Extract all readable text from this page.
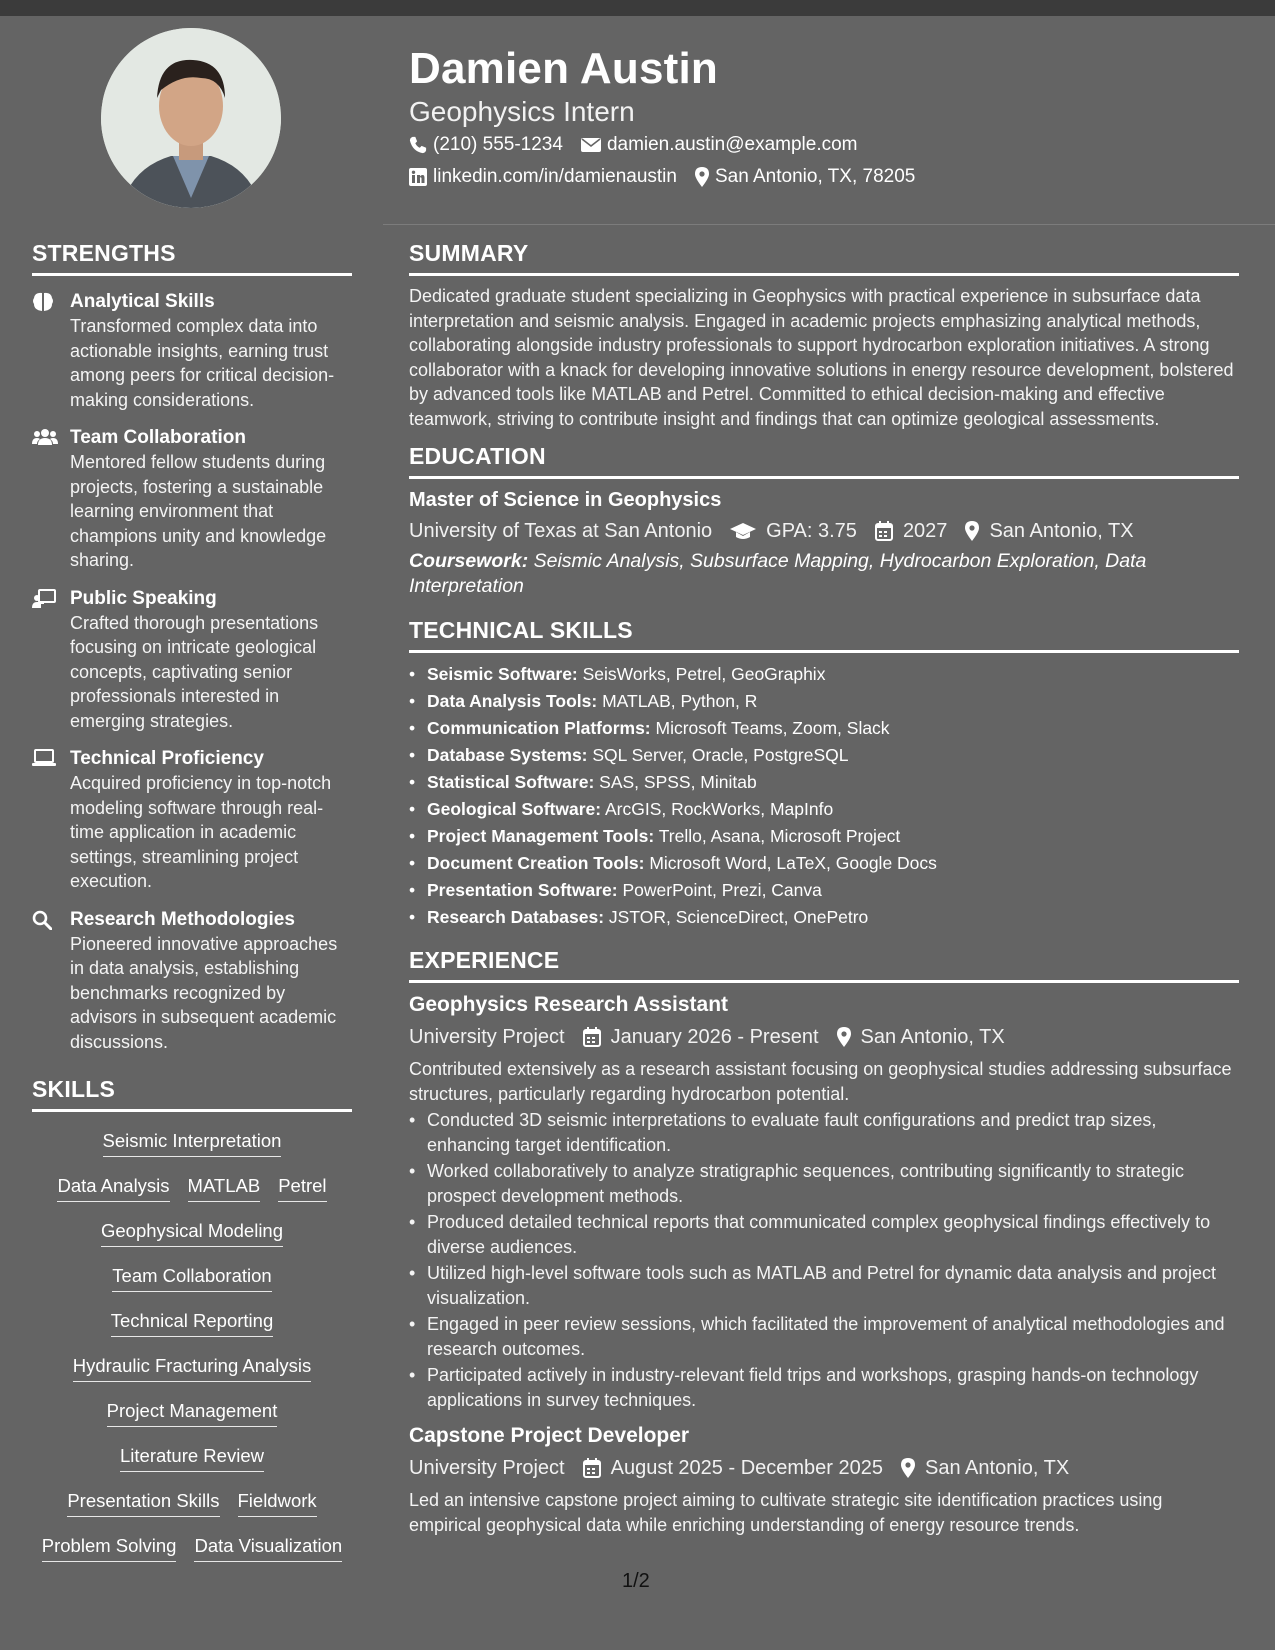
Damien Austin
Geophysics Intern
(210) 555-1234 damien.austin@example.com
linkedin.com/in/damienaustin San Antonio, TX, 78205
STRENGTHS
Analytical Skills
Transformed complex data into actionable insights, earning trust among peers for critical decision-making considerations.
Team Collaboration
Mentored fellow students during projects, fostering a sustainable learning environment that champions unity and knowledge sharing.
Public Speaking
Crafted thorough presentations focusing on intricate geological concepts, captivating senior professionals interested in emerging strategies.
Technical Proficiency
Acquired proficiency in top-notch modeling software through real-time application in academic settings, streamlining project execution.
Research Methodologies
Pioneered innovative approaches in data analysis, establishing benchmarks recognized by advisors in subsequent academic discussions.
SKILLS
Seismic Interpretation
Data Analysis MATLAB Petrel
Geophysical Modeling
Team Collaboration
Technical Reporting
Hydraulic Fracturing Analysis
Project Management
Literature Review
Presentation Skills Fieldwork
Problem Solving Data Visualization
SUMMARY
Dedicated graduate student specializing in Geophysics with practical experience in subsurface data interpretation and seismic analysis. Engaged in academic projects emphasizing analytical methods, collaborating alongside industry professionals to support hydrocarbon exploration initiatives. A strong collaborator with a knack for developing innovative solutions in energy resource development, bolstered by advanced tools like MATLAB and Petrel. Committed to ethical decision-making and effective teamwork, striving to contribute insight and findings that can optimize geological assessments.
EDUCATION
Master of Science in Geophysics
University of Texas at San Antonio	GPA: 3.75 2027 San Antonio, TX
Coursework: Seismic Analysis, Subsurface Mapping, Hydrocarbon Exploration, Data Interpretation
TECHNICAL SKILLS
• Seismic Software: SeisWorks, Petrel, GeoGraphix
• Data Analysis Tools: MATLAB, Python, R
• Communication Platforms: Microsoft Teams, Zoom, Slack
• Database Systems: SQL Server, Oracle, PostgreSQL
• Statistical Software: SAS, SPSS, Minitab
• Geological Software: ArcGIS, RockWorks, MapInfo
• Project Management Tools: Trello, Asana, Microsoft Project
• Document Creation Tools: Microsoft Word, LaTeX, Google Docs
• Presentation Software: PowerPoint, Prezi, Canva
• Research Databases: JSTOR, ScienceDirect, OnePetro
EXPERIENCE
Geophysics Research Assistant
University Project January 2026 - Present San Antonio, TX
Contributed extensively as a research assistant focusing on geophysical studies addressing subsurface structures, particularly regarding hydrocarbon potential.
• Conducted 3D seismic interpretations to evaluate fault configurations and predict trap sizes, enhancing target identification.
• Worked collaboratively to analyze stratigraphic sequences, contributing significantly to strategic prospect development methods.
• Produced detailed technical reports that communicated complex geophysical findings effectively to diverse audiences.
• Utilized high-level software tools such as MATLAB and Petrel for dynamic data analysis and project visualization.
• Engaged in peer review sessions, which facilitated the improvement of analytical methodologies and research outcomes.
• Participated actively in industry-relevant field trips and workshops, grasping hands-on technology applications in survey techniques.
Capstone Project Developer
University Project August 2025 - December 2025 San Antonio, TX
Led an intensive capstone project aiming to cultivate strategic site identification practices using empirical geophysical data while enriching understanding of energy resource trends.
1/2
